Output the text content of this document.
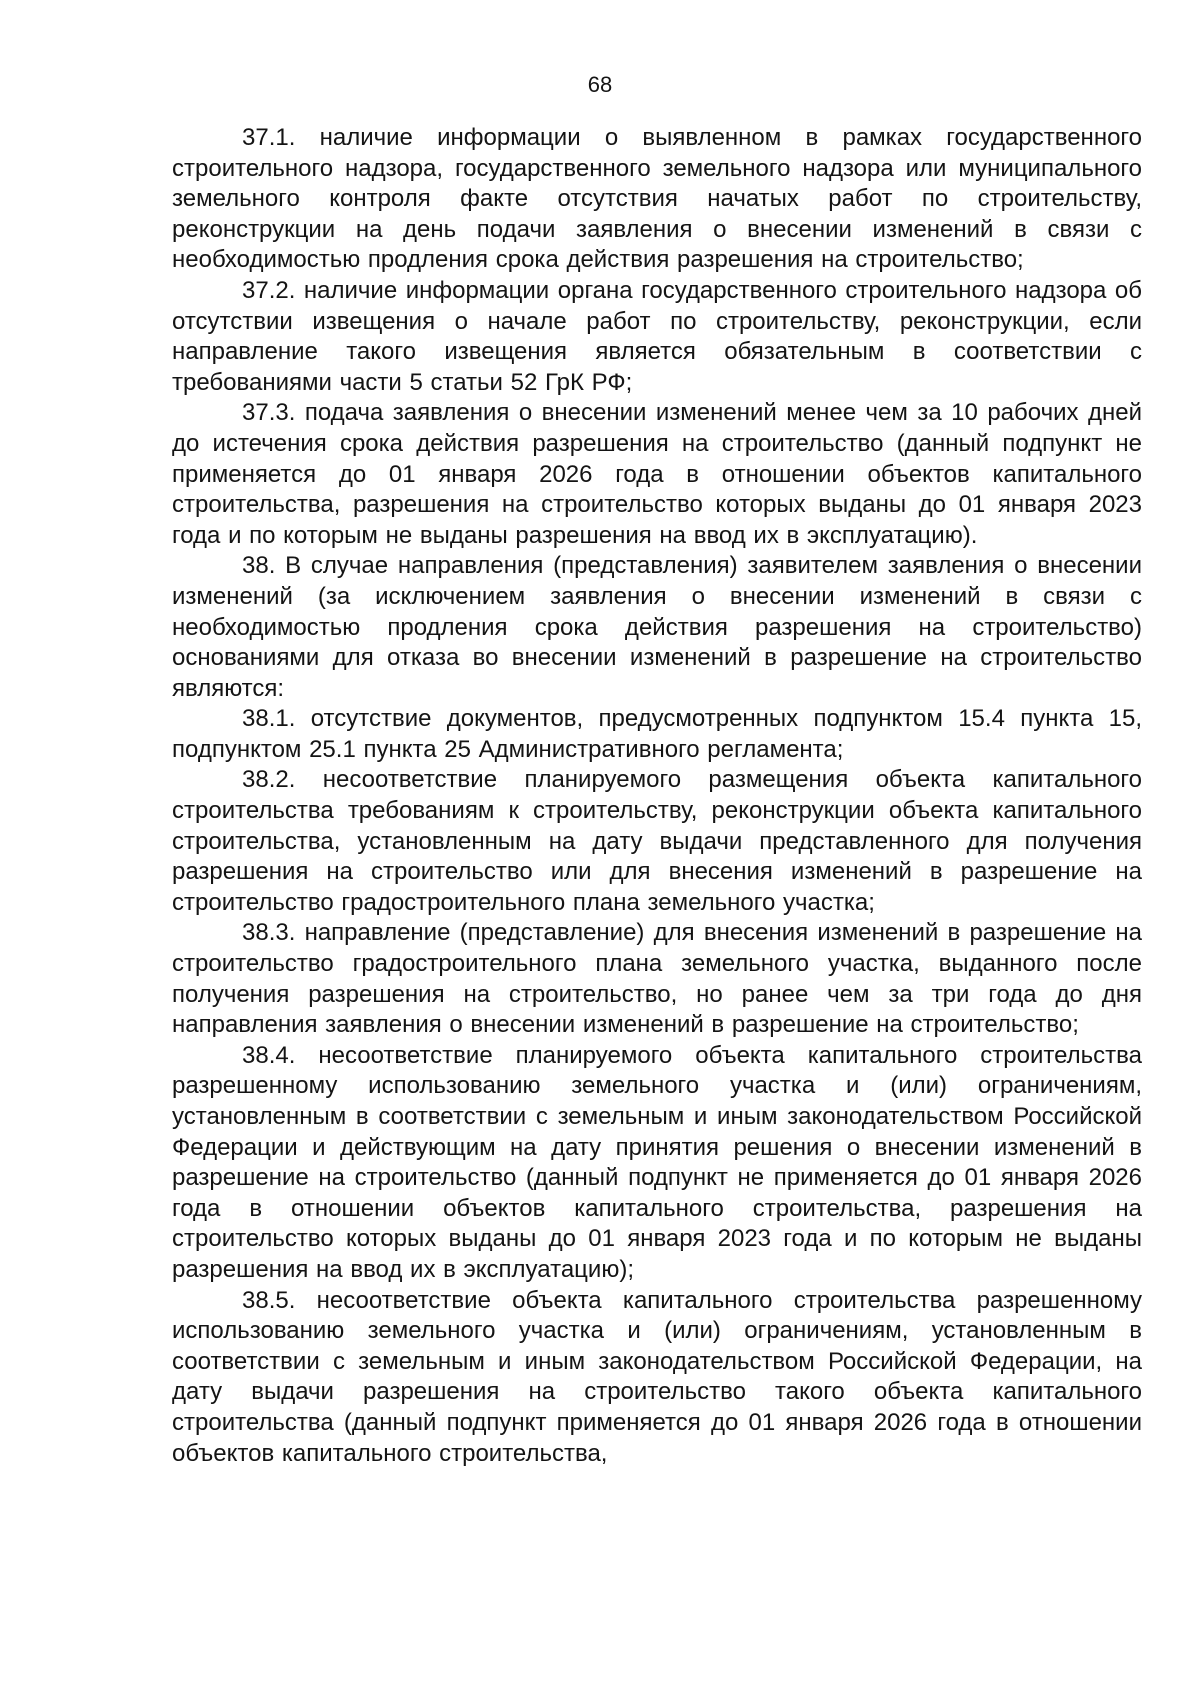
68

37.1. наличие информации о выявленном в рамках государственного строительного надзора, государственного земельного надзора или муниципального земельного контроля факте отсутствия начатых работ по строительству, реконструкции на день подачи заявления о внесении изменений в связи с необходимостью продления срока действия разрешения на строительство;

37.2. наличие информации органа государственного строительного надзора об отсутствии извещения о начале работ по строительству, реконструкции, если направление такого извещения является обязательным в соответствии с требованиями части 5 статьи 52 ГрК РФ;

37.3. подача заявления о внесении изменений менее чем за 10 рабочих дней до истечения срока действия разрешения на строительство (данный подпункт не применяется до 01 января 2026 года в отношении объектов капитального строительства, разрешения на строительство которых выданы до 01 января 2023 года и по которым не выданы разрешения на ввод их в эксплуатацию).

38. В случае направления (представления) заявителем заявления о внесении изменений (за исключением заявления о внесении изменений в связи с необходимостью продления срока действия разрешения на строительство) основаниями для отказа во внесении изменений в разрешение на строительство являются:

38.1. отсутствие документов, предусмотренных подпунктом 15.4 пункта 15, подпунктом 25.1 пункта 25 Административного регламента;

38.2. несоответствие планируемого размещения объекта капитального строительства требованиям к строительству, реконструкции объекта капитального строительства, установленным на дату выдачи представленного для получения разрешения на строительство или для внесения изменений в разрешение на строительство градостроительного плана земельного участка;

38.3. направление (представление) для внесения изменений в разрешение на строительство градостроительного плана земельного участка, выданного после получения разрешения на строительство, но ранее чем за три года до дня направления заявления о внесении изменений в разрешение на строительство;

38.4. несоответствие планируемого объекта капитального строительства разрешенному использованию земельного участка и (или) ограничениям, установленным в соответствии с земельным и иным законодательством Российской Федерации и действующим на дату принятия решения о внесении изменений в разрешение на строительство (данный подпункт не применяется до 01 января 2026 года в отношении объектов капитального строительства, разрешения на строительство которых выданы до 01 января 2023 года и по которым не выданы разрешения на ввод их в эксплуатацию);

38.5. несоответствие объекта капитального строительства разрешенному использованию земельного участка и (или) ограничениям, установленным в соответствии с земельным и иным законодательством Российской Федерации, на дату выдачи разрешения на строительство такого объекта капитального строительства (данный подпункт применяется до 01 января 2026 года в отношении объектов капитального строительства,
